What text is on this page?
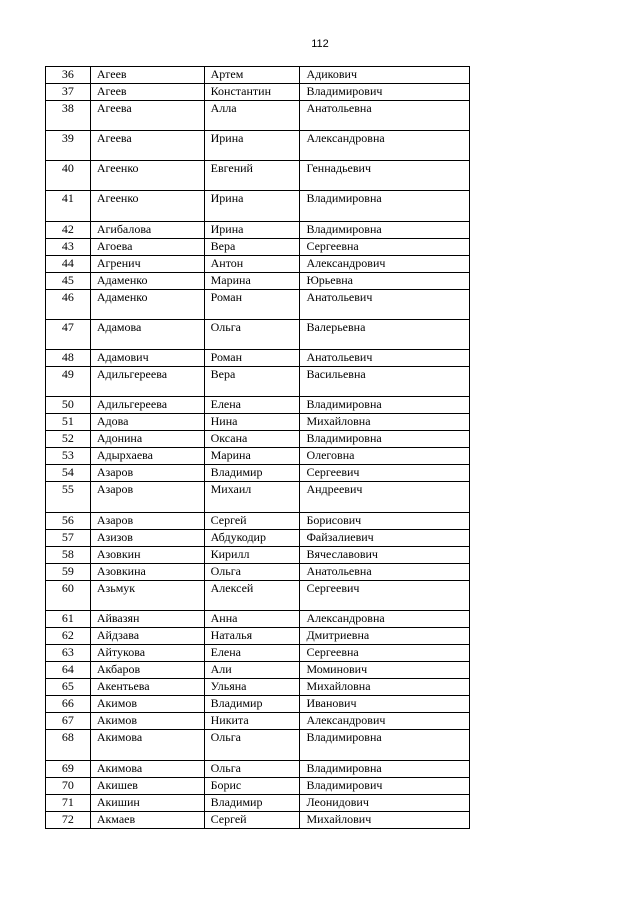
112
36	Агеев	Артем	Адикович
37	Агеев	Константин	Владимирович
38	Агеева	Алла	Анатольевна
39	Агеева	Ирина	Александровна
40	Агеенко	Евгений	Геннадьевич
41	Агеенко	Ирина	Владимировна
42	Агибалова	Ирина	Владимировна
43	Агоева	Вера	Сергеевна
44	Агренич	Антон	Александрович
45	Адаменко	Марина	Юрьевна
46	Адаменко	Роман	Анатольевич
47	Адамова	Ольга	Валерьевна
48	Адамович	Роман	Анатольевич
49	Адильгереева	Вера	Васильевна
50	Адильгереева	Елена	Владимировна
51	Адова	Нина	Михайловна
52	Адонина	Оксана	Владимировна
53	Адырхаева	Марина	Олеговна
54	Азаров	Владимир	Сергеевич
55	Азаров	Михаил	Андреевич
56	Азаров	Сергей	Борисович
57	Азизов	Абдукодир	Файзалиевич
58	Азовкин	Кирилл	Вячеславович
59	Азовкина	Ольга	Анатольевна
60	Азьмук	Алексей	Сергеевич
61	Айвазян	Анна	Александровна
62	Айдзава	Наталья	Дмитриевна
63	Айтукова	Елена	Сергеевна
64	Акбаров	Али	Моминович
65	Акентьева	Ульяна	Михайловна
66	Акимов	Владимир	Иванович
67	Акимов	Никита	Александрович
68	Акимова	Ольга	Владимировна
69	Акимова	Ольга	Владимировна
70	Акишев	Борис	Владимирович
71	Акишин	Владимир	Леонидович
72	Акмаев	Сергей	Михайлович
